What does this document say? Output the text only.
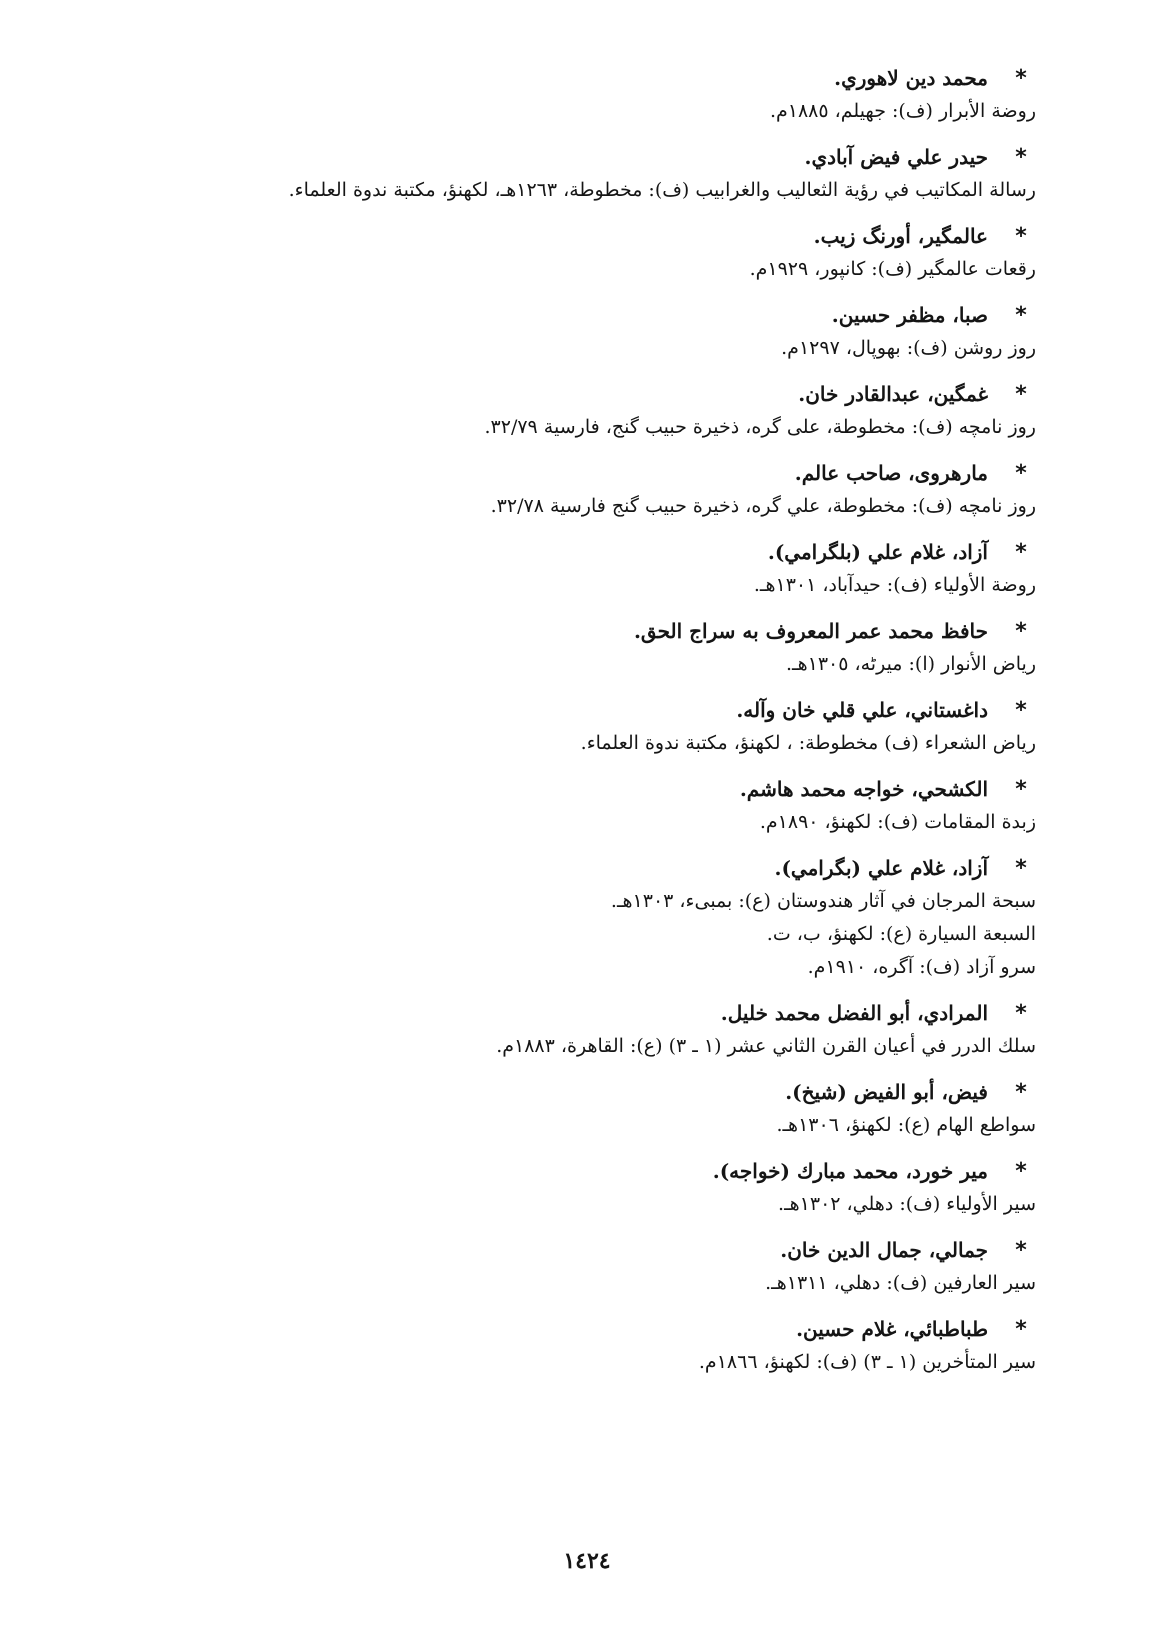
*
محمد دين لاهوري.
روضة الأبرار (ف): جهيلم، ١٨٨٥م.
*
حيدر علي فيض آبادي.
رسالة المكاتيب في رؤية الثعاليب والغرابيب (ف): مخطوطة، ١٢٦٣هـ، لكهنؤ، مكتبة ندوة العلماء.
*
عالمگير، أورنگ زيب.
رقعات عالمگير (ف): كانپور، ١٩٢٩م.
*
صبا، مظفر حسين.
روز روشن (ف): بهوپال، ١٢٩٧م.
*
غمگين، عبدالقادر خان.
روز نامچه (ف): مخطوطة، على گره، ذخيرة حبيب گنج، فارسية ٣٢/٧٩.
*
مارهروى، صاحب عالم.
روز نامچه (ف): مخطوطة، علي گره، ذخيرة حبيب گنج فارسية ٣٢/٧٨.
*
آزاد، غلام علي (بلگرامي).
روضة الأولياء (ف): حيدآباد، ١٣٠١هـ.
*
حافظ محمد عمر المعروف به سراج الحق.
رياض الأنوار (ا): ميرٹه، ١٣٠٥هـ.
*
داغستاني، علي قلي خان وآله.
رياض الشعراء (ف) مخطوطة: ، لكهنؤ، مكتبة ندوة العلماء.
*
الكشحي، خواجه محمد هاشم.
زبدة المقامات (ف): لكهنؤ، ١٨٩٠م.
*
آزاد، غلام علي (بگرامي).
سبحة المرجان في آثار هندوستان (ع): بمبىء، ١٣٠٣هـ.
السبعة السيارة (ع): لكهنؤ، ب، ت.
سرو آزاد (ف): آگره، ١٩١٠م.
*
المرادي، أبو الفضل محمد خليل.
سلك الدرر في أعيان القرن الثاني عشر (١ ـ ٣) (ع): القاهرة، ١٨٨٣م.
*
فيض، أبو الفيض (شيخ).
سواطع الهام (ع): لكهنؤ، ١٣٠٦هـ.
*
مير خورد، محمد مبارك (خواجه).
سير الأولياء (ف): دهلي، ١٣٠٢هـ.
*
جمالي، جمال الدين خان.
سير العارفين (ف): دهلي، ١٣١١هـ.
*
طباطبائي، غلام حسين.
سير المتأخرين (١ ـ ٣) (ف): لكهنؤ، ١٨٦٦م.
١٤٢٤
